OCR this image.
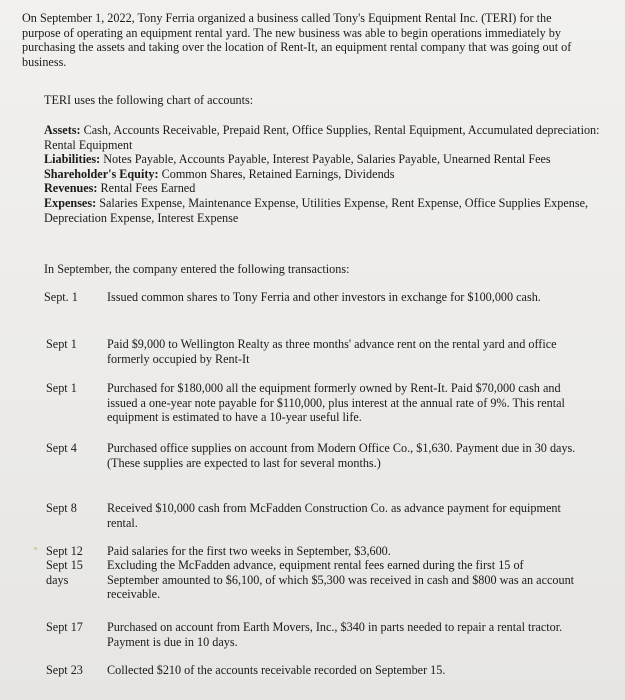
On September 1, 2022, Tony Ferria organized a business called Tony's Equipment Rental Inc. (TERI) for the purpose of operating an equipment rental yard. The new business was able to begin operations immediately by purchasing the assets and taking over the location of Rent-It, an equipment rental company that was going out of business.
TERI uses the following chart of accounts:

Assets: Cash, Accounts Receivable, Prepaid Rent, Office Supplies, Rental Equipment, Accumulated depreciation: Rental Equipment

Liabilities: Notes Payable, Accounts Payable, Interest Payable, Salaries Payable, Unearned Rental Fees

Shareholder's Equity: Common Shares, Retained Earnings, Dividends

Revenues: Rental Fees Earned

Expenses: Salaries Expense, Maintenance Expense, Utilities Expense, Rent Expense, Office Supplies Expense, Depreciation Expense, Interest Expense

In September, the company entered the following transactions:
Sept. 1 Issued common shares to Tony Ferria and other investors in exchange for $100,000 cash.
Sept 1 Paid $9,000 to Wellington Realty as three months' advance rent on the rental yard and office formerly occupied by Rent-It
Sept 1 Purchased for $180,000 all the equipment formerly owned by Rent-It. Paid $70,000 cash and issued a one-year note payable for $110,000, plus interest at the annual rate of 9%. This rental equipment is estimated to have a 10-year useful life.
Sept 4 Purchased office supplies on account from Modern Office Co., $1,630. Payment due in 30 days. (These supplies are expected to last for several months.)
Sept 8 Received $10,000 cash from McFadden Construction Co. as advance payment for equipment rental.
Sept 12 Paid salaries for the first two weeks in September, $3,600.
Sept 15 days
Excluding the McFadden advance, equipment rental fees earned during the first 15 of September amounted to $6,100, of which $5,300 was received in cash and $800 was an account receivable.
Sept 17 Purchased on account from Earth Movers, Inc., $340 in parts needed to repair a rental tractor. Payment is due in 10 days.
Sept 23 Collected $210 of the accounts receivable recorded on September 15.
